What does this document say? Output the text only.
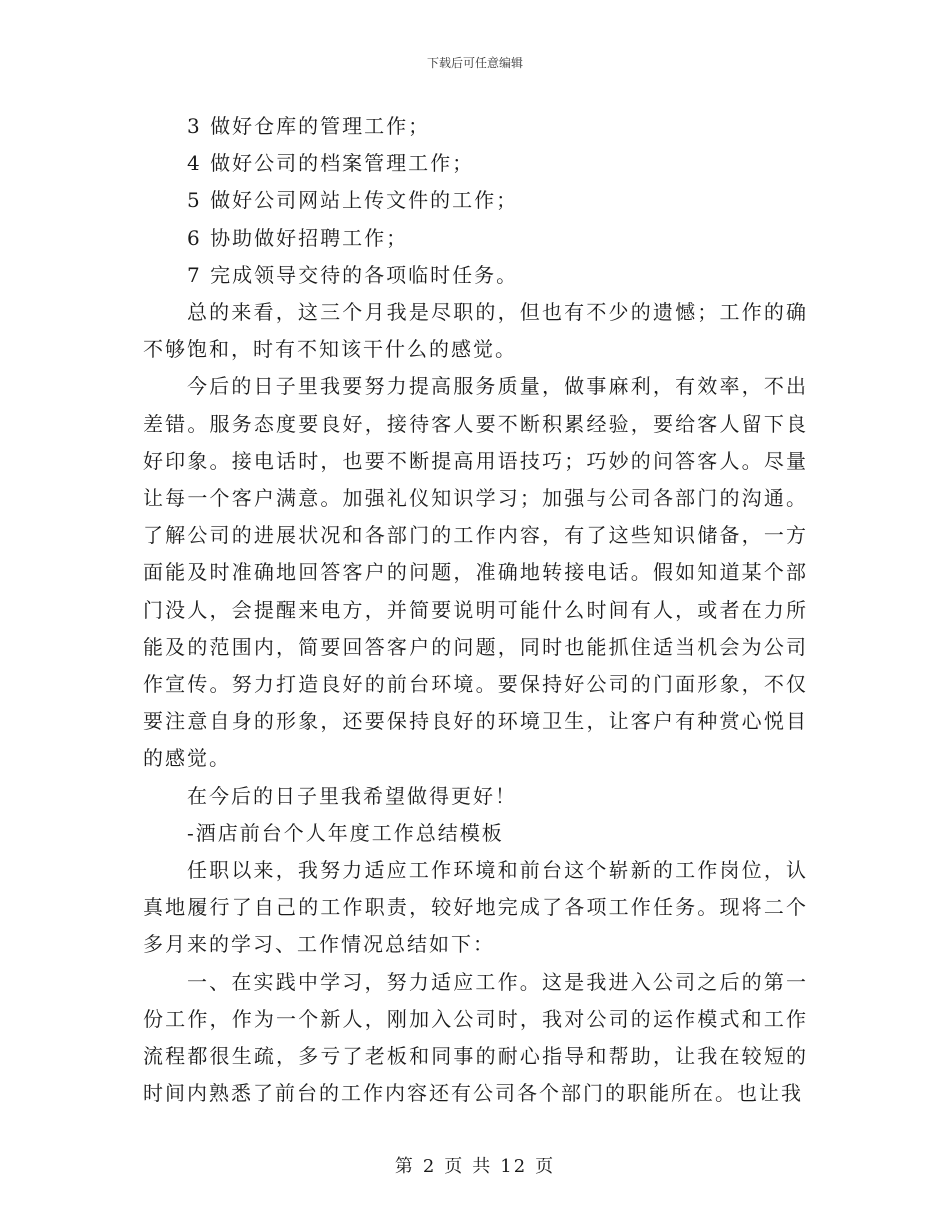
下载后可任意编辑

3 做好仓库的管理工作；

4 做好公司的档案管理工作；

5 做好公司网站上传文件的工作；

6 协助做好招聘工作；

7 完成领导交待的各项临时任务。

总的来看，这三个月我是尽职的，但也有不少的遗憾；工作的确不够饱和，时有不知该干什么的感觉。

今后的日子里我要努力提高服务质量，做事麻利，有效率，不出差错。服务态度要良好，接待客人要不断积累经验，要给客人留下良好印象。接电话时，也要不断提高用语技巧；巧妙的问答客人。尽量让每一个客户满意。加强礼仪知识学习；加强与公司各部门的沟通。了解公司的进展状况和各部门的工作内容，有了这些知识储备，一方面能及时准确地回答客户的问题，准确地转接电话。假如知道某个部门没人，会提醒来电方，并简要说明可能什么时间有人，或者在力所能及的范围内，简要回答客户的问题，同时也能抓住适当机会为公司作宣传。努力打造良好的前台环境。要保持好公司的门面形象，不仅要注意自身的形象，还要保持良好的环境卫生，让客户有种赏心悦目的感觉。

在今后的日子里我希望做得更好！

-酒店前台个人年度工作总结模板

任职以来，我努力适应工作环境和前台这个崭新的工作岗位，认真地履行了自己的工作职责，较好地完成了各项工作任务。现将二个多月来的学习、工作情况总结如下：

一、在实践中学习，努力适应工作。这是我进入公司之后的第一份工作，作为一个新人，刚加入公司时，我对公司的运作模式和工作流程都很生疏，多亏了老板和同事的耐心指导和帮助，让我在较短的时间内熟悉了前台的工作内容还有公司各个部门的职能所在。也让我

第 2 页 共 12 页
